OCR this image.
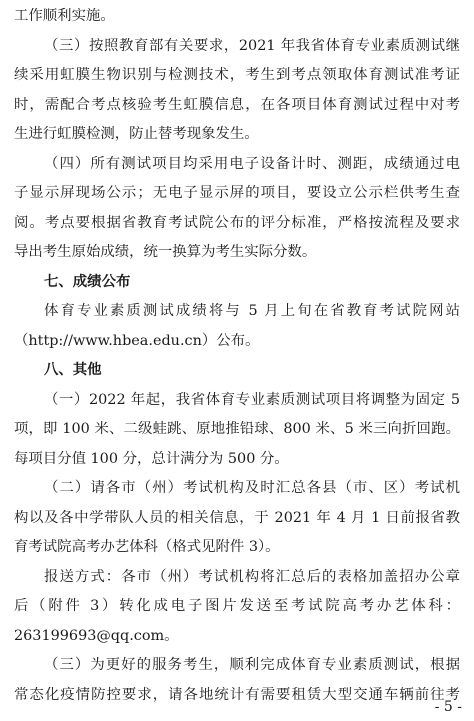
工作顺利实施。
（三）按照教育部有关要求，2021 年我省体育专业素质测试继
续采用虹膜生物识别与检测技术，考生到考点领取体育测试准考证
时，需配合考点核验考生虹膜信息，在各项目体育测试过程中对考
生进行虹膜检测，防止替考现象发生。
（四）所有测试项目均采用电子设备计时、测距，成绩通过电
子显示屏现场公示；无电子显示屏的项目，要设立公示栏供考生查
阅。考点要根据省教育考试院公布的评分标准，严格按流程及要求
导出考生原始成绩，统一换算为考生实际分数。
七、成绩公布
体育专业素质测试成绩将与 5 月上旬在省教育考试院网站
（http://www.hbea.edu.cn）公布。
八、其他
（一）2022 年起，我省体育专业素质测试项目将调整为固定 5
项，即 100 米、二级蛙跳、原地推铅球、800 米、5 米三向折回跑。
每项目分值 100 分，总计满分为 500 分。
（二）请各市（州）考试机构及时汇总各县（市、区）考试机
构以及各中学带队人员的相关信息，于 2021 年 4 月 1 日前报省教
育考试院高考办艺体科（格式见附件 3）。
报送方式：各市（州）考试机构将汇总后的表格加盖招办公章
后（附件 3）转化成电子图片发送至考试院高考办艺体科：
263199693@qq.com。
（三）为更好的服务考生，顺利完成体育专业素质测试，根据
常态化疫情防控要求，请各地统计有需要租赁大型交通车辆前往考
- 5 -
